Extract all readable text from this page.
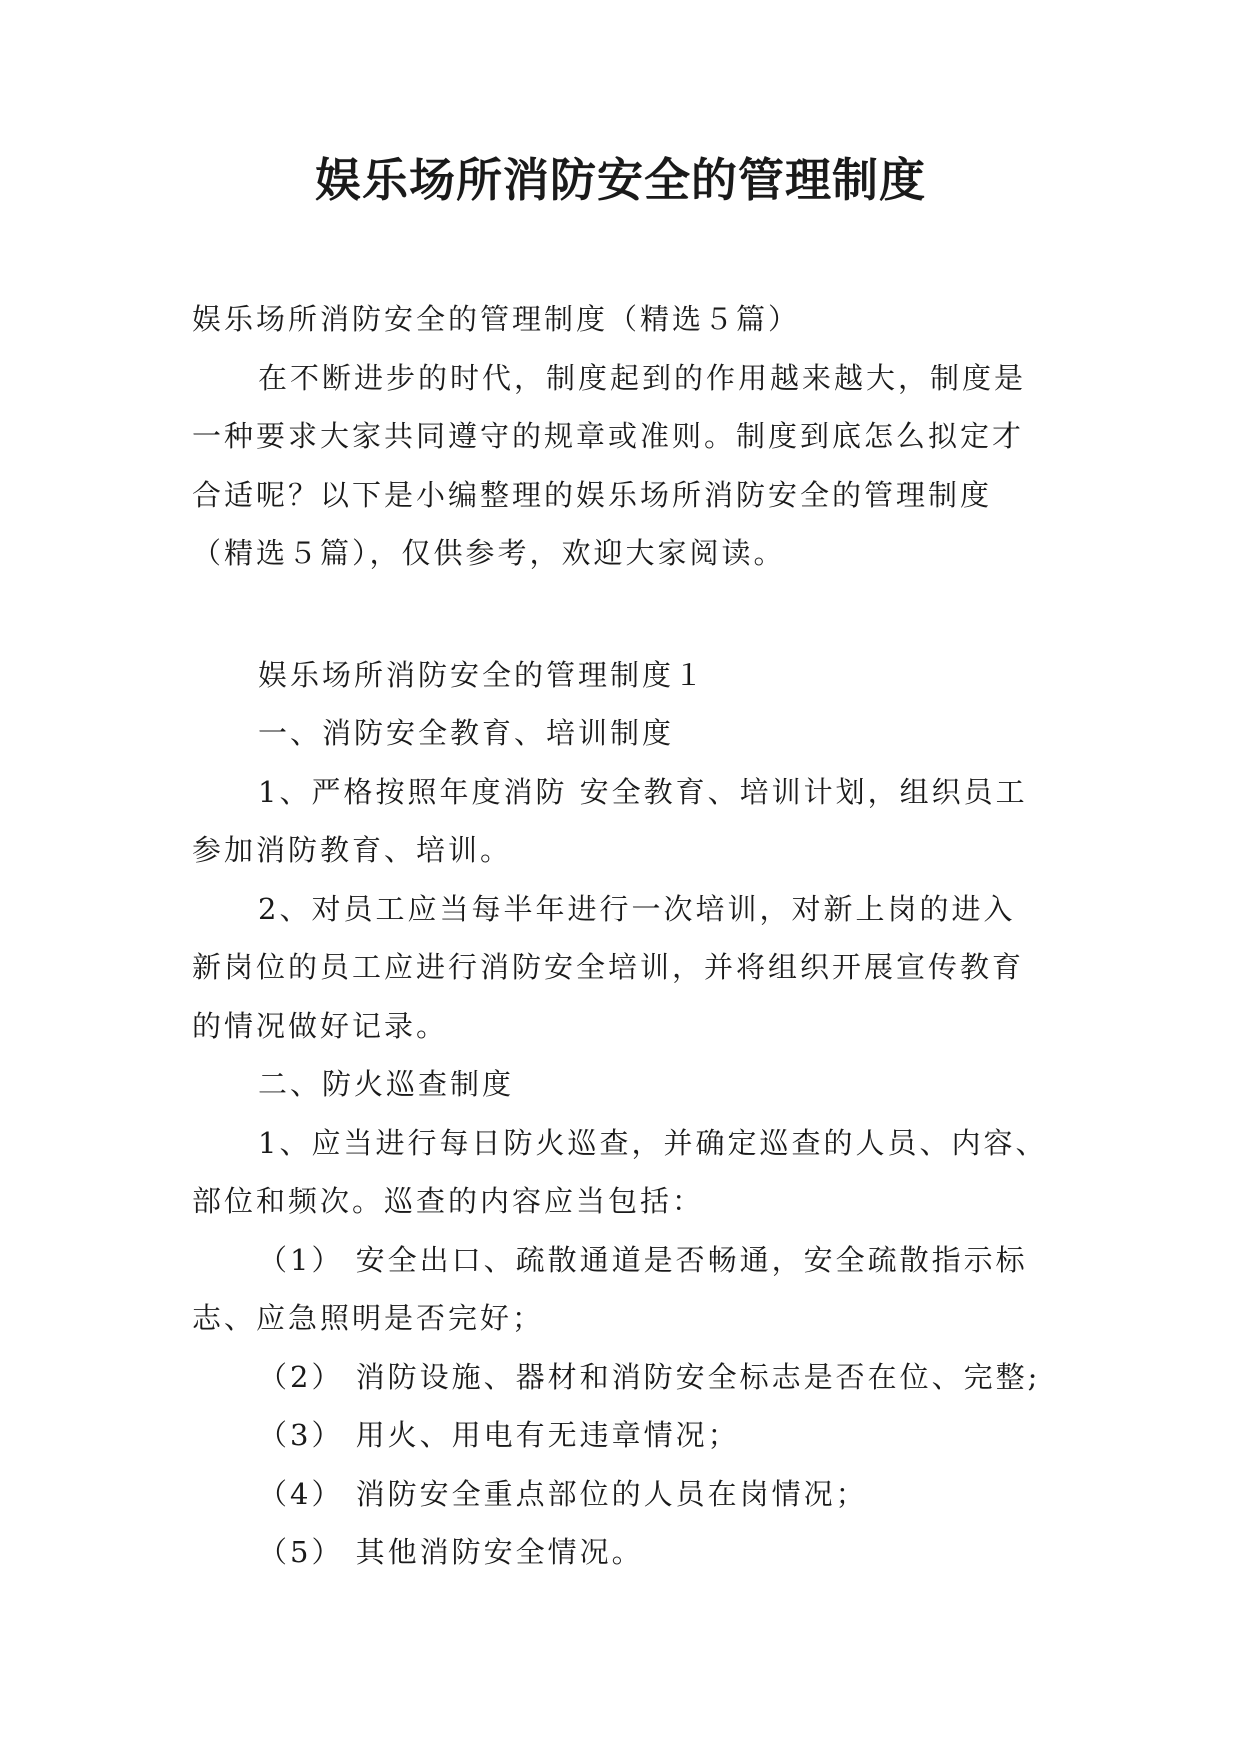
娱乐场所消防安全的管理制度
娱乐场所消防安全的管理制度（精选５篇）
在不断进步的时代，制度起到的作用越来越大，制度是
一种要求大家共同遵守的规章或准则。制度到底怎么拟定才
合适呢？以下是小编整理的娱乐场所消防安全的管理制度
（精选５篇），仅供参考，欢迎大家阅读。
娱乐场所消防安全的管理制度１
一、消防安全教育、培训制度
1、严格按照年度消防 安全教育、培训计划，组织员工
参加消防教育、培训。
2、对员工应当每半年进行一次培训，对新上岗的进入
新岗位的员工应进行消防安全培训，并将组织开展宣传教育
的情况做好记录。
二、防火巡查制度
1、应当进行每日防火巡查，并确定巡查的人员、内容、
部位和频次。巡查的内容应当包括：
（1） 安全出口、疏散通道是否畅通，安全疏散指示标
志、应急照明是否完好；
（2） 消防设施、器材和消防安全标志是否在位、完整;
（3） 用火、用电有无违章情况；
（4） 消防安全重点部位的人员在岗情况；
（5） 其他消防安全情况。
